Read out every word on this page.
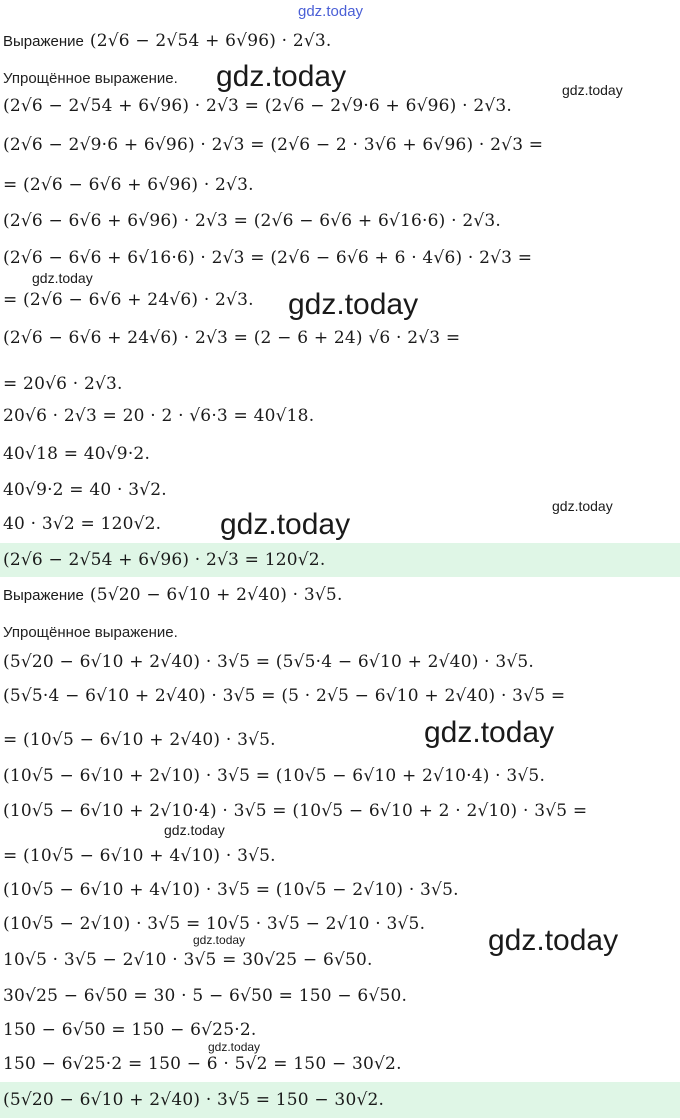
Выражение (2√6 − 2√54 + 6√96) · 2√3.
Упрощённое выражение.
(2√6 − 2√54 + 6√96) · 2√3 = (2√6 − 2√9·6 + 6√96) · 2√3.
(2√6 − 2√9·6 + 6√96) · 2√3 = (2√6 − 2 · 3√6 + 6√96) · 2√3 =
= (2√6 − 6√6 + 6√96) · 2√3.
(2√6 − 6√6 + 6√96) · 2√3 = (2√6 − 6√6 + 6√16·6) · 2√3.
(2√6 − 6√6 + 6√16·6) · 2√3 = (2√6 − 6√6 + 6 · 4√6) · 2√3 =
= (2√6 − 6√6 + 24√6) · 2√3.
(2√6 − 6√6 + 24√6) · 2√3 = (2 − 6 + 24) √6 · 2√3 =
= 20√6 · 2√3.
20√6 · 2√3 = 20 · 2 · √6·3 = 40√18.
40√18 = 40√9·2.
40√9·2 = 40 · 3√2.
40 · 3√2 = 120√2.
(2√6 − 2√54 + 6√96) · 2√3 = 120√2.
Выражение (5√20 − 6√10 + 2√40) · 3√5.
Упрощённое выражение.
(5√20 − 6√10 + 2√40) · 3√5 = (5√5·4 − 6√10 + 2√40) · 3√5.
(5√5·4 − 6√10 + 2√40) · 3√5 = (5 · 2√5 − 6√10 + 2√40) · 3√5 =
= (10√5 − 6√10 + 2√40) · 3√5.
(10√5 − 6√10 + 2√10) · 3√5 = (10√5 − 6√10 + 2√10·4) · 3√5.
(10√5 − 6√10 + 2√10·4) · 3√5 = (10√5 − 6√10 + 2 · 2√10) · 3√5 =
= (10√5 − 6√10 + 4√10) · 3√5.
(10√5 − 6√10 + 4√10) · 3√5 = (10√5 − 2√10) · 3√5.
(10√5 − 2√10) · 3√5 = 10√5 · 3√5 − 2√10 · 3√5.
10√5 · 3√5 − 2√10 · 3√5 = 30√25 − 6√50.
30√25 − 6√50 = 30 · 5 − 6√50 = 150 − 6√50.
150 − 6√50 = 150 − 6√25·2.
150 − 6√25·2 = 150 − 6 · 5√2 = 150 − 30√2.
(5√20 − 6√10 + 2√40) · 3√5 = 150 − 30√2.
gdz.today
gdz.today	gdz.today
gdz.today
gdz.today
gdz.today
gdz.today
gdz.today
gdz.today
gdz.today	gdz.today
gdz.today
